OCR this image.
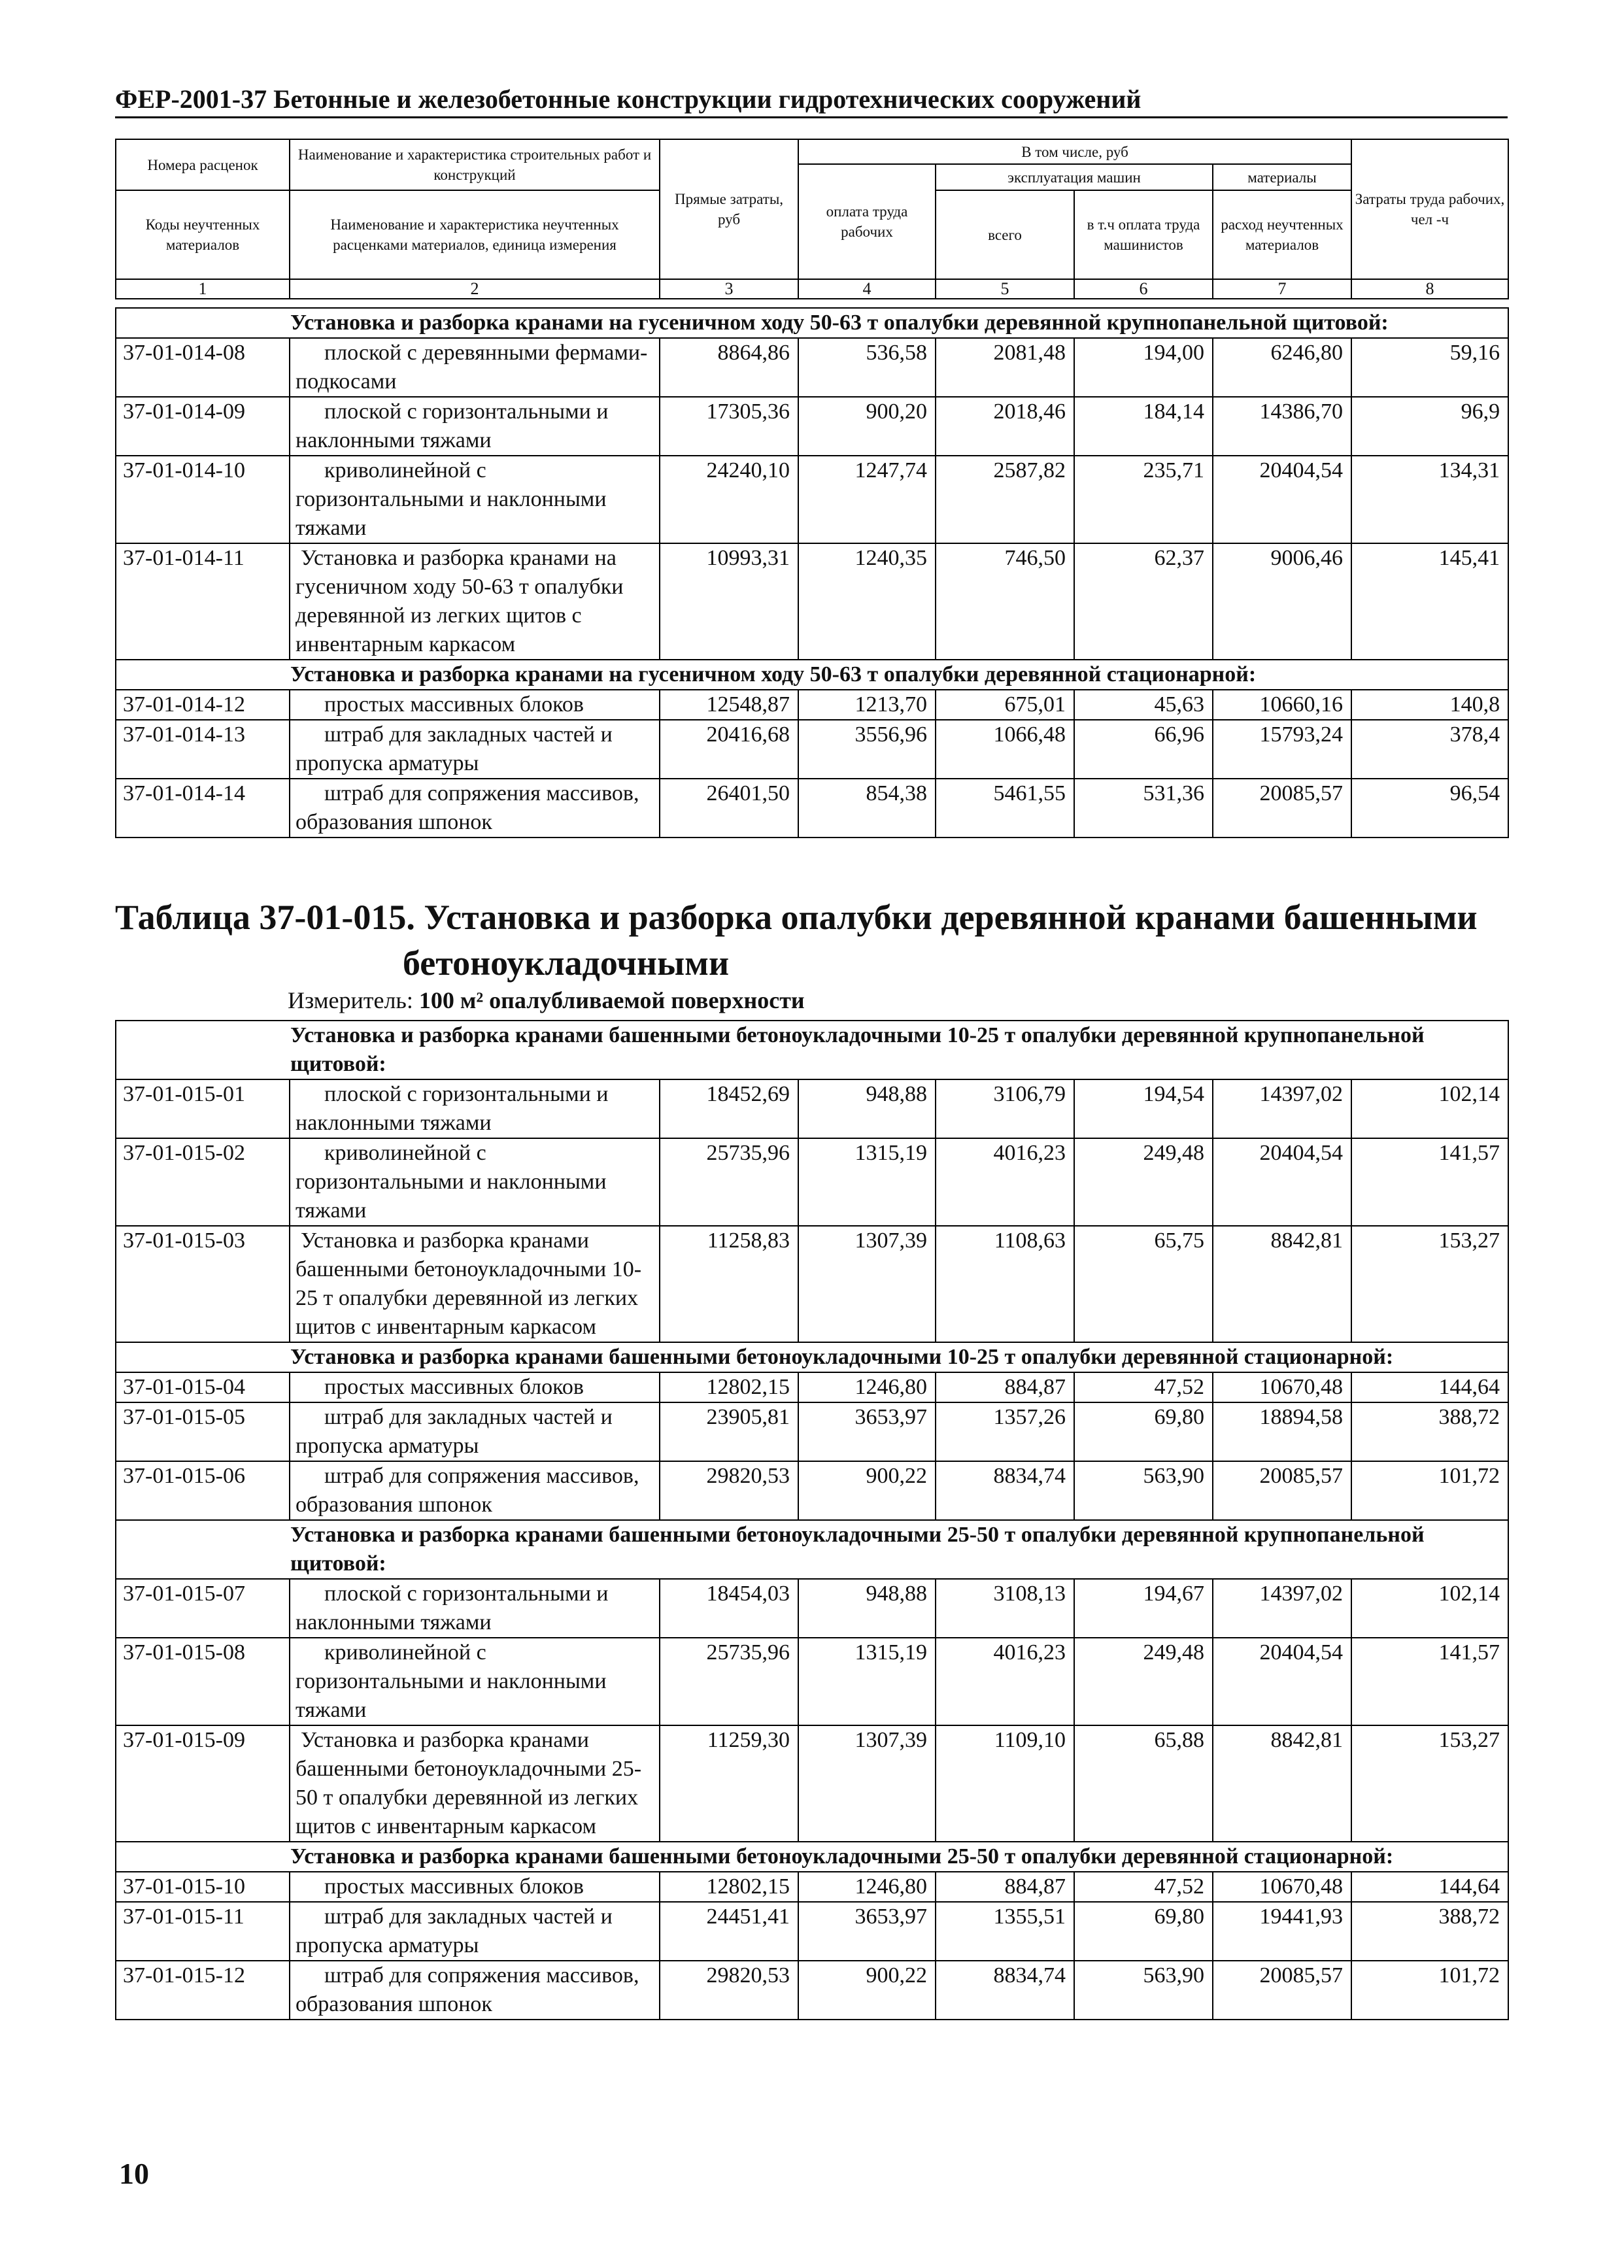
ФЕР-2001-37 Бетонные и железобетонные конструкции гидротехнических сооружений
Номера расценок	Наименование и характеристика строительных работ и конструкций	Прямые затраты, руб	В том числе, руб				Затраты труда рабочих, чел -ч
			оплата труда рабочих	эксплуатация машин		материалы	
Коды неучтенных материалов	Наименование и характеристика неучтенных расценками материалов, единица измерения			всего	в т.ч оплата труда машинистов	расход неучтенных материалов	
1	2	3	4	5	6	7	8
Установка и разборка кранами на гусеничном ходу 50-63 т опалубки деревянной крупнопанельной щитовой:							
37-01-014-08	плоской с деревянными фермами-подкосами	8864,86	536,58	2081,48	194,00	6246,80	59,16
37-01-014-09	плоской с горизонтальными и наклонными тяжами	17305,36	900,20	2018,46	184,14	14386,70	96,9
37-01-014-10	криволинейной с горизонтальными и наклонными тяжами	24240,10	1247,74	2587,82	235,71	20404,54	134,31
37-01-014-11	Установка и разборка кранами на гусеничном ходу 50-63 т опалубки деревянной из легких щитов с инвентарным каркасом	10993,31	1240,35	746,50	62,37	9006,46	145,41
Установка и разборка кранами на гусеничном ходу 50-63 т опалубки деревянной стационарной:							
37-01-014-12	простых массивных блоков	12548,87	1213,70	675,01	45,63	10660,16	140,8
37-01-014-13	штраб для закладных частей и пропуска арматуры	20416,68	3556,96	1066,48	66,96	15793,24	378,4
37-01-014-14	штраб для сопряжения массивов, образования шпонок	26401,50	854,38	5461,55	531,36	20085,57	96,54
Таблица 37-01-015. Установка и разборка опалубки деревянной кранами башенными
бетоноукладочными
Измеритель: 100 м² опалубливаемой поверхности
Установка и разборка кранами башенными бетоноукладочными 10-25 т опалубки деревянной крупнопанельной щитовой:							
37-01-015-01	плоской с горизонтальными и наклонными тяжами	18452,69	948,88	3106,79	194,54	14397,02	102,14
37-01-015-02	криволинейной с горизонтальными и наклонными тяжами	25735,96	1315,19	4016,23	249,48	20404,54	141,57
37-01-015-03	Установка и разборка кранами башенными бетоноукладочными 10-25 т опалубки деревянной из легких щитов с инвентарным каркасом	11258,83	1307,39	1108,63	65,75	8842,81	153,27
Установка и разборка кранами башенными бетоноукладочными 10-25 т опалубки деревянной стационарной:							
37-01-015-04	простых массивных блоков	12802,15	1246,80	884,87	47,52	10670,48	144,64
37-01-015-05	штраб для закладных частей и пропуска арматуры	23905,81	3653,97	1357,26	69,80	18894,58	388,72
37-01-015-06	штраб для сопряжения массивов, образования шпонок	29820,53	900,22	8834,74	563,90	20085,57	101,72
Установка и разборка кранами башенными бетоноукладочными 25-50 т опалубки деревянной крупнопанельной щитовой:							
37-01-015-07	плоской с горизонтальными и наклонными тяжами	18454,03	948,88	3108,13	194,67	14397,02	102,14
37-01-015-08	криволинейной с горизонтальными и наклонными тяжами	25735,96	1315,19	4016,23	249,48	20404,54	141,57
37-01-015-09	Установка и разборка кранами башенными бетоноукладочными 25-50 т опалубки деревянной из легких щитов с инвентарным каркасом	11259,30	1307,39	1109,10	65,88	8842,81	153,27
Установка и разборка кранами башенными бетоноукладочными 25-50 т опалубки деревянной стационарной:							
37-01-015-10	простых массивных блоков	12802,15	1246,80	884,87	47,52	10670,48	144,64
37-01-015-11	штраб для закладных частей и пропуска арматуры	24451,41	3653,97	1355,51	69,80	19441,93	388,72
37-01-015-12	штраб для сопряжения массивов, образования шпонок	29820,53	900,22	8834,74	563,90	20085,57	101,72
10
